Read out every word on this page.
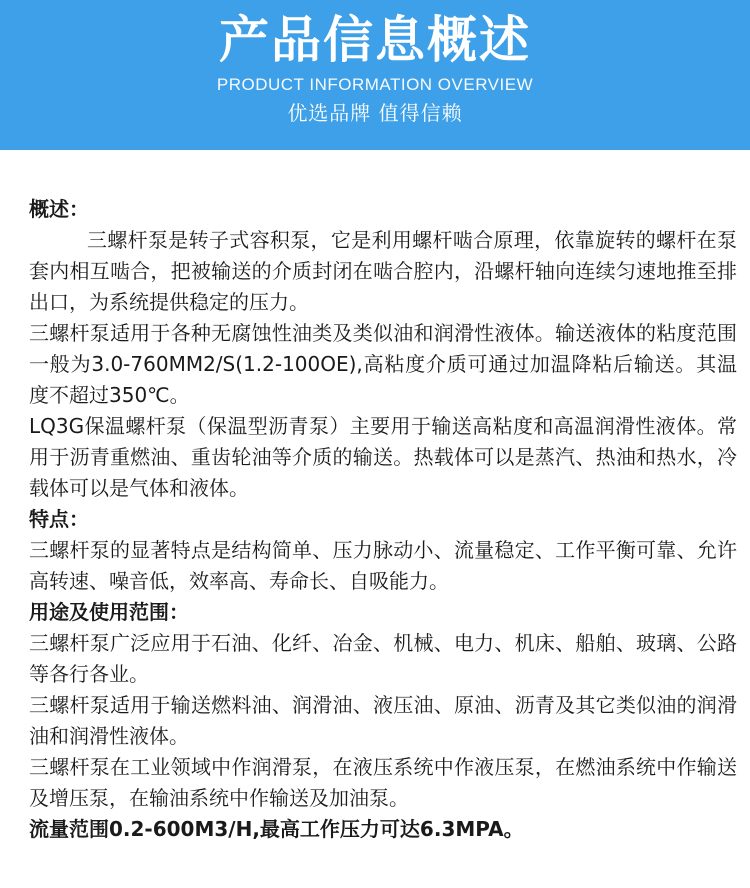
产品信息概述
PRODUCT INFORMATION OVERVIEW
优选品牌 值得信赖

概述：

三螺杆泵是转子式容积泵，它是利用螺杆啮合原理，依靠旋转的螺杆在泵套内相互啮合，把被输送的介质封闭在啮合腔内，沿螺杆轴向连续匀速地推至排出口，为系统提供稳定的压力。

三螺杆泵适用于各种无腐蚀性油类及类似油和润滑性液体。输送液体的粘度范围一般为3.0-760MM2/S(1.2-100OE),高粘度介质可通过加温降粘后输送。其温度不超过350℃。

LQ3G保温螺杆泵（保温型沥青泵）主要用于输送高粘度和高温润滑性液体。常用于沥青重燃油、重齿轮油等介质的输送。热载体可以是蒸汽、热油和热水，冷载体可以是气体和液体。

特点：

三螺杆泵的显著特点是结构简单、压力脉动小、流量稳定、工作平衡可靠、允许高转速、噪音低，效率高、寿命长、自吸能力。

用途及使用范围：

三螺杆泵广泛应用于石油、化纤、冶金、机械、电力、机床、船舶、玻璃、公路等各行各业。

三螺杆泵适用于输送燃料油、润滑油、液压油、原油、沥青及其它类似油的润滑油和润滑性液体。

三螺杆泵在工业领域中作润滑泵，在液压系统中作液压泵，在燃油系统中作输送及增压泵，在输油系统中作输送及加油泵。

流量范围0.2-600M3/H,最高工作压力可达6.3MPA。
